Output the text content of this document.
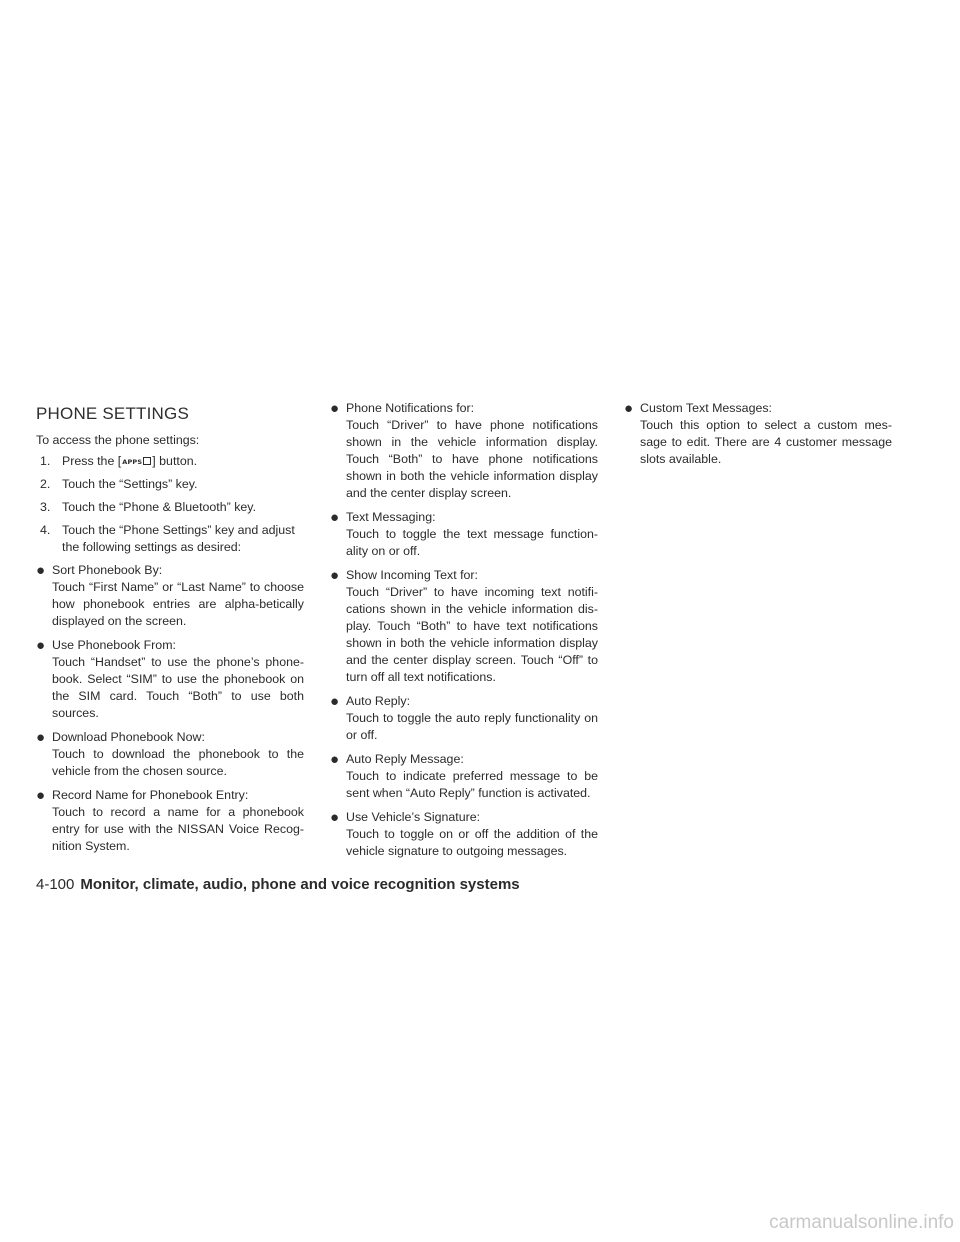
PHONE SETTINGS

To access the phone settings:

1. Press the [APPS ] button.
2. Touch the “Settings” key.
3. Touch the “Phone & Bluetooth” key.
4. Touch the “Phone Settings” key and adjust the following settings as desired:
● Sort Phonebook By:
Touch “First Name” or “Last Name” to choose how phonebook entries are alpha-betically displayed on the screen.

● Use Phonebook From:
Touch “Handset” to use the phone’s phone-book. Select “SIM” to use the phonebook on the SIM card. Touch “Both” to use both sources.

● Download Phonebook Now:
Touch to download the phonebook to the vehicle from the chosen source.

● Record Name for Phonebook Entry:
Touch to record a name for a phonebook entry for use with the NISSAN Voice Recog-nition System.

● Phone Notifications for:
Touch “Driver” to have phone notifications shown in the vehicle information display. Touch “Both” to have phone notifications shown in both the vehicle information display and the center display screen.

● Text Messaging:
Touch to toggle the text message function-ality on or off.

● Show Incoming Text for:
Touch “Driver” to have incoming text notifi-cations shown in the vehicle information dis-play. Touch “Both” to have text notifications shown in both the vehicle information display and the center display screen. Touch “Off” to turn off all text notifications.

● Auto Reply:
Touch to toggle the auto reply functionality on or off.

● Auto Reply Message:
Touch to indicate preferred message to be sent when “Auto Reply” function is activated.

● Use Vehicle’s Signature:
Touch to toggle on or off the addition of the vehicle signature to outgoing messages.

● Custom Text Messages:
Touch this option to select a custom mes-sage to edit. There are 4 customer message slots available.

4-100 Monitor, climate, audio, phone and voice recognition systems
carmanualsonline.info
